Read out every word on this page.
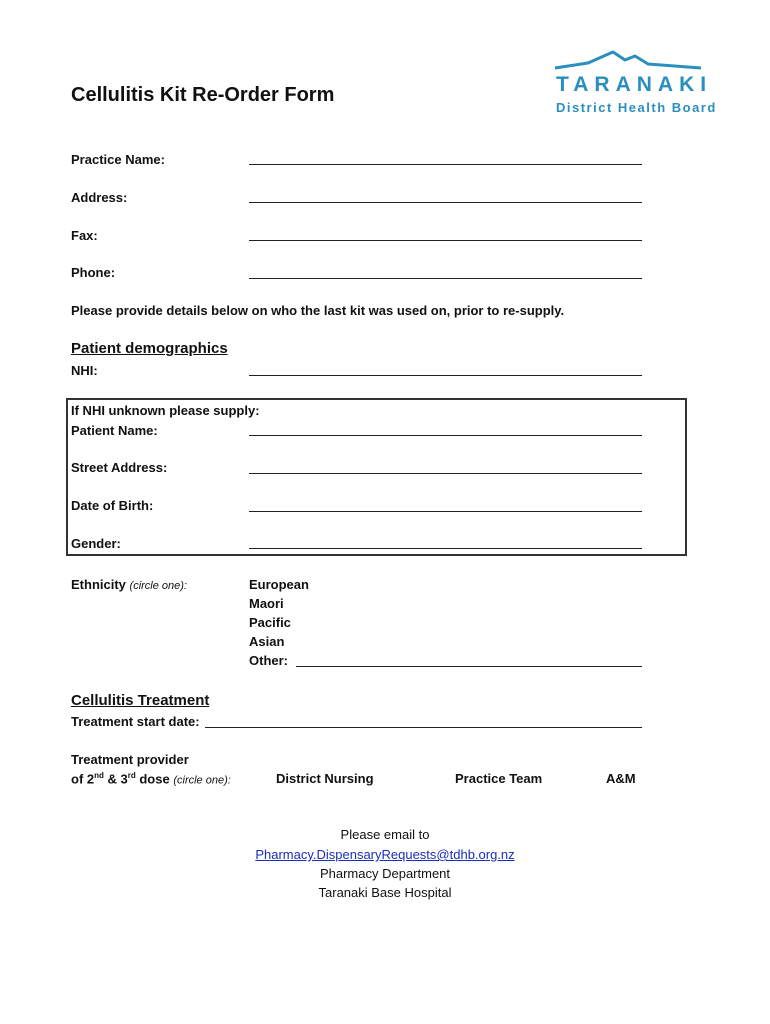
TARANAKI
District Health Board
Cellulitis Kit Re-Order Form
Practice Name:
Address:
Fax:
Phone:
Please provide details below on who the last kit was used on, prior to re-supply.
Patient demographics
NHI:
If NHI unknown please supply:
Patient Name:
Street Address:
Date of Birth:
Gender:
Ethnicity (circle one):	European
Maori
Pacific
Asian
Other:
Cellulitis Treatment
Treatment start date:
Treatment provider
of 2nd & 3rd dose (circle one):	District Nursing	Practice Team	A&M
Please email to
Pharmacy.DispensaryRequests@tdhb.org.nz
Pharmacy Department
Taranaki Base Hospital
